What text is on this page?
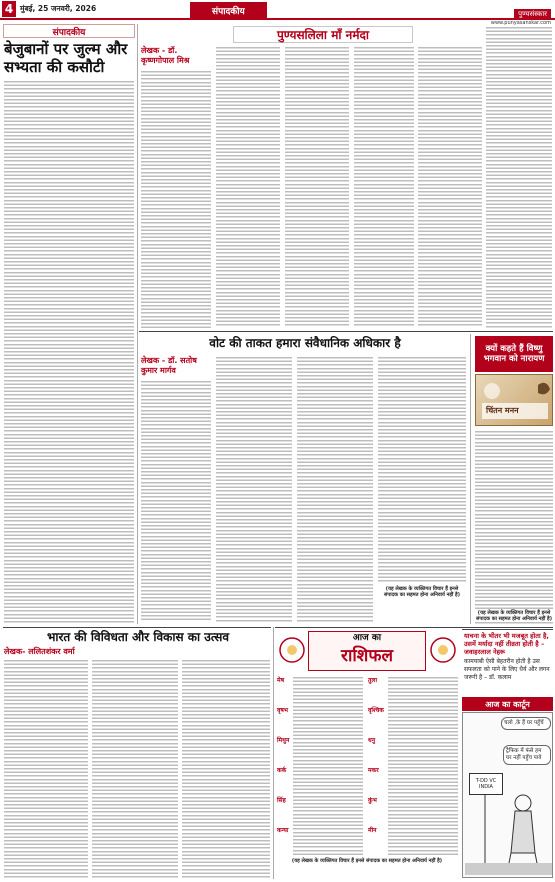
4 मुंबई, 25 जनवरी, 2026	संपादकीय	पुण्यसंस्कार
www.punyasanskar.com
संपादकीय
बेजुबानों पर जुल्म और सभ्यता की कसौटी
भारत की विविधता और विकास का उत्सव
लेखक- ललितशंकर वर्मा
पुण्यसलिला माँ नर्मदा
लेखक - डॉ. कृष्णगोपाल मिश्र
वोट की ताकत हमारा संवैधानिक अधिकार है
लेखक - डॉ. सतोष कुमार मार्गव
(यह लेखक के व्यक्तिगत विचार हैं इनसे संपादक का सहमत होना अनिवार्य नहीं है)
क्यों कहते हैं विष्णु भगवान को नारायण
चिंतन मनन
आज का
राशिफल
मेष
वृषभ
मिथुन
कर्क
सिंह
कन्या
तुला
वृश्चिक
धनु
मकर
कुंभ
मीन
(यह लेखक के व्यक्तिगत विचार हैं इनसे संपादक का सहमत होना अनिवार्य नहीं है)
याचना के भीतर भी मजबूत होता है, उसमें मर्यादा नहीं तीव्रता होती है – जवाहरलाल नेहरू
कामयाबी ऐसी बेहतरीन होती है उस सफलता को पाने के लिए धैर्य और लगन जरूरी है – डॉ. कलाम
आज का कार्टून
चलो ,के हैं घर पहुँचें
ट्रैफिक में फंसे हम घर नहीं पहुँच पाये
T-DD VC INDIA
(यह लेखक के व्यक्तिगत विचार हैं इनसे संपादक का सहमत होना अनिवार्य नहीं है)
